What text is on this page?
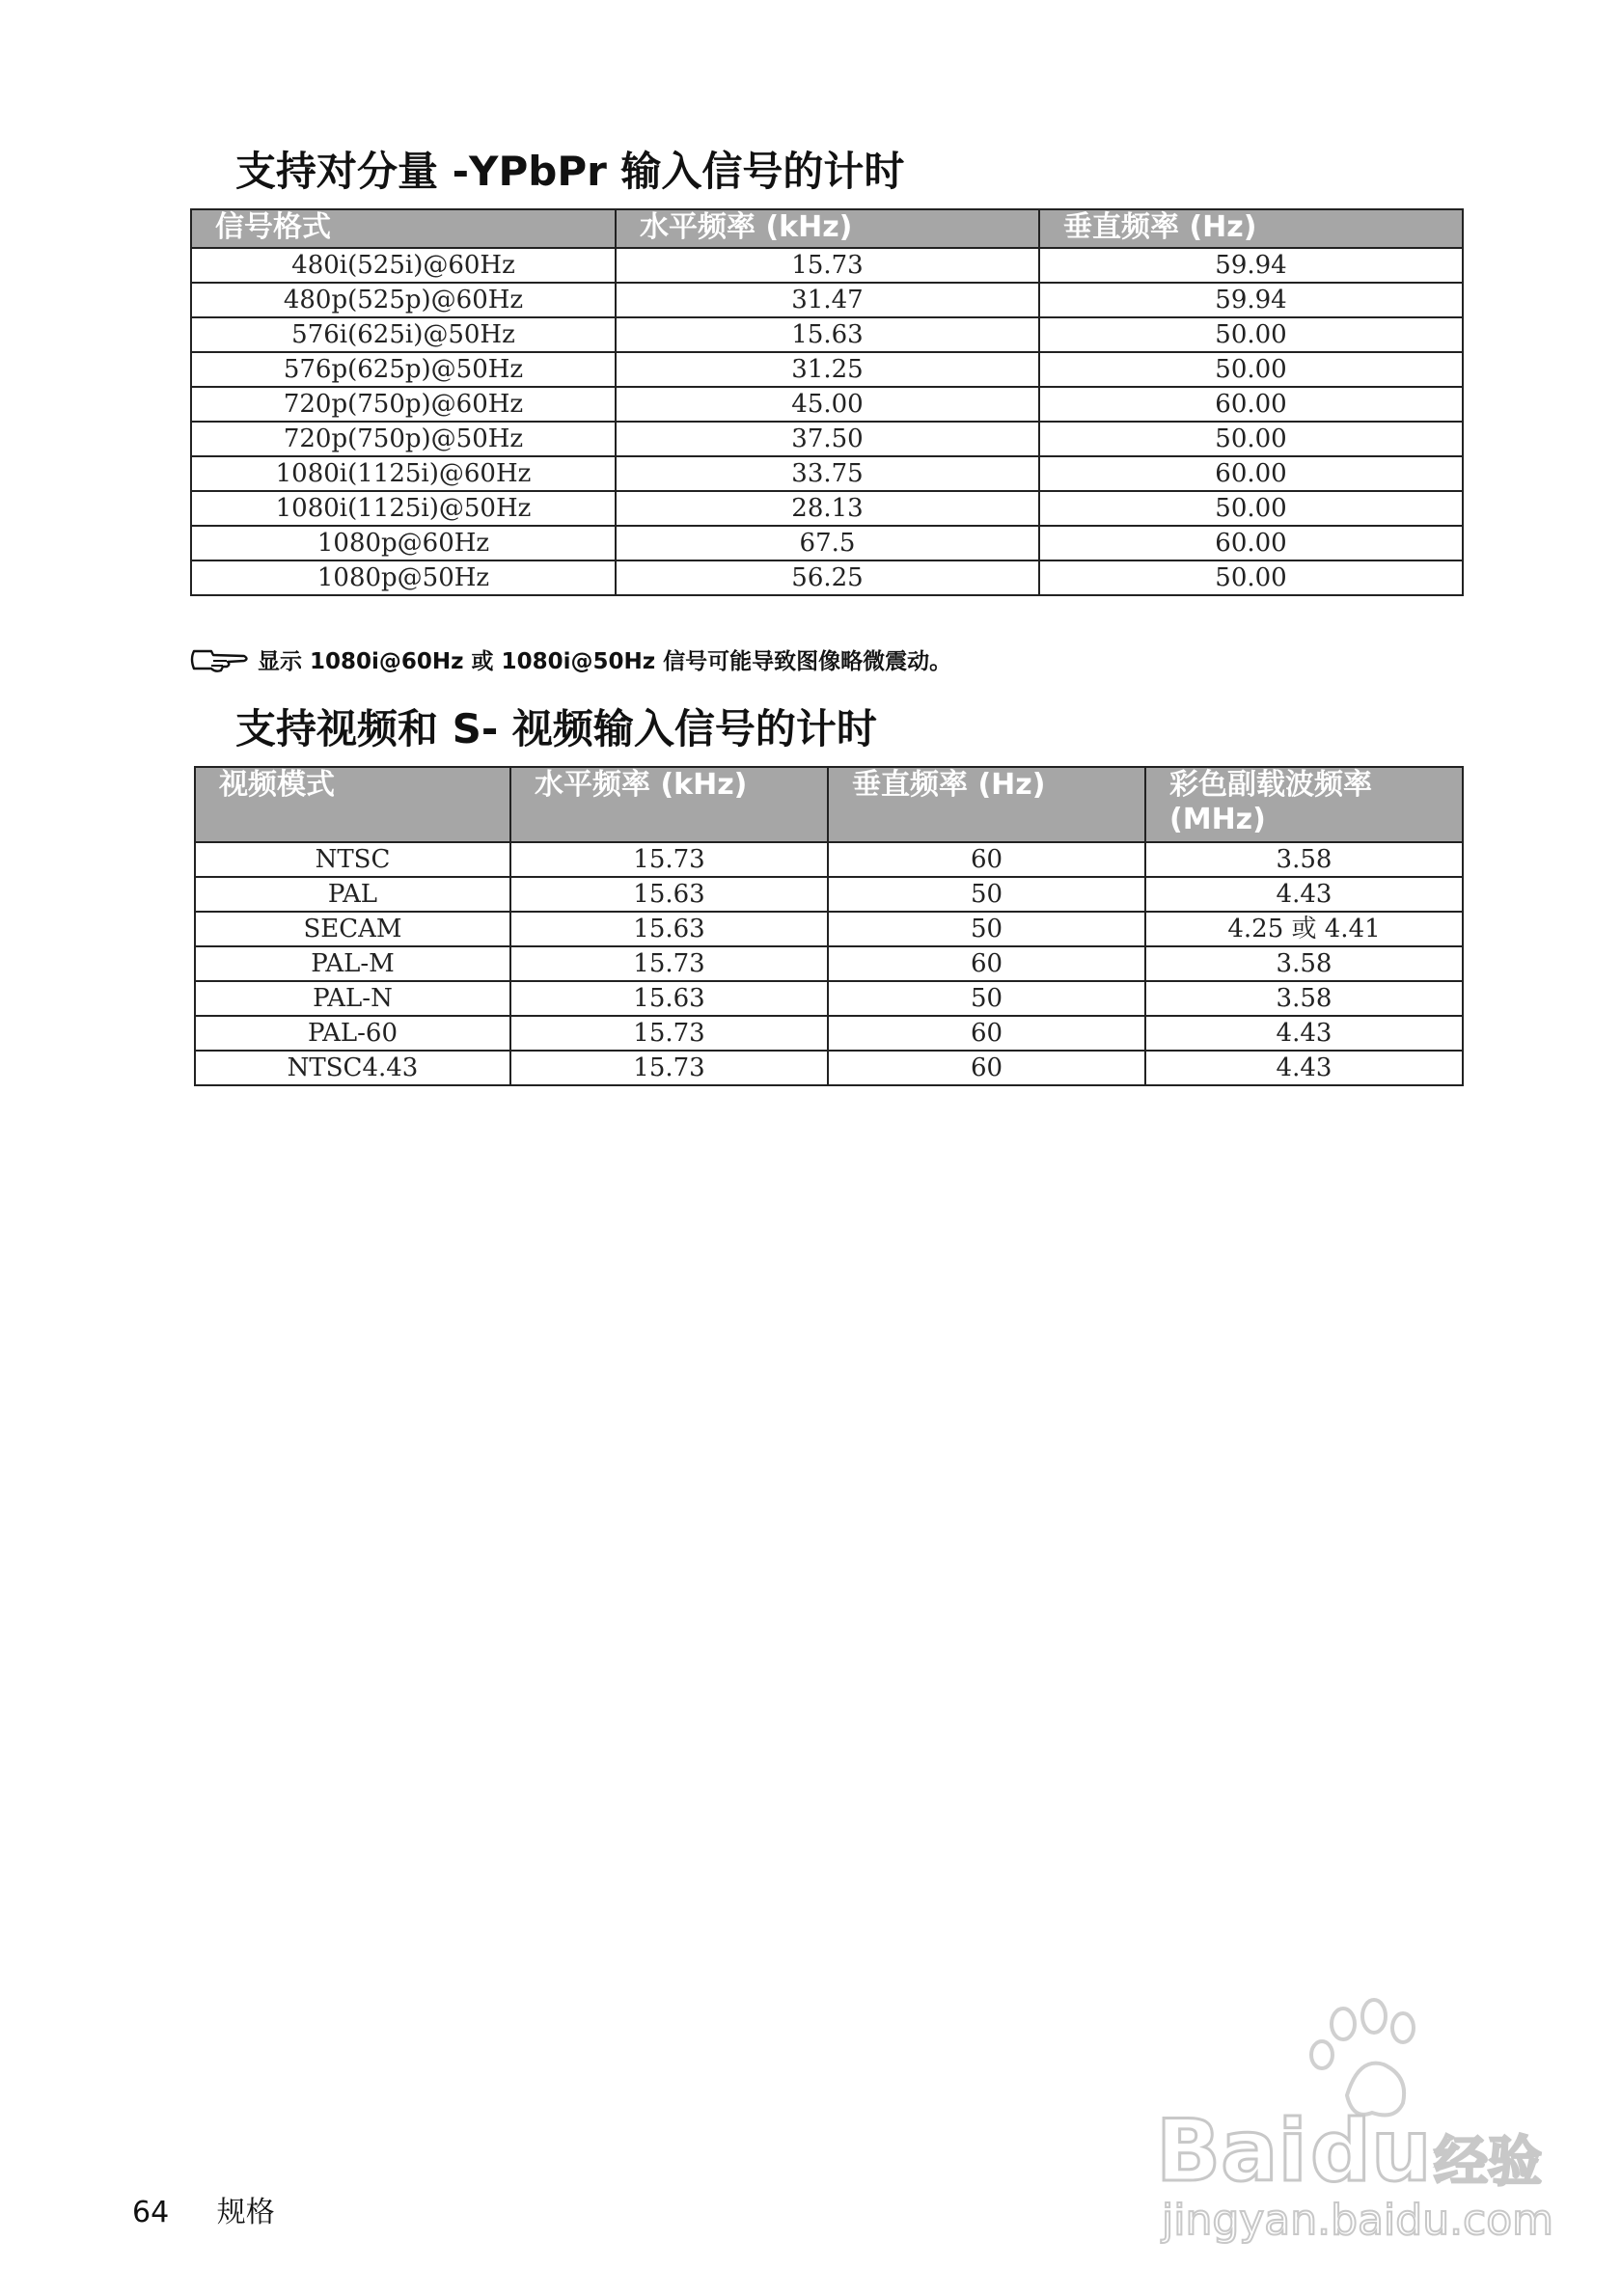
支持对分量 -YPbPr 输入信号的计时
信号格式	水平频率 (kHz)	垂直频率 (Hz)
480i(525i)@60Hz	15.73	59.94
480p(525p)@60Hz	31.47	59.94
576i(625i)@50Hz	15.63	50.00
576p(625p)@50Hz	31.25	50.00
720p(750p)@60Hz	45.00	60.00
720p(750p)@50Hz	37.50	50.00
1080i(1125i)@60Hz	33.75	60.00
1080i(1125i)@50Hz	28.13	50.00
1080p@60Hz	67.5	60.00
1080p@50Hz	56.25	50.00
显示 1080i@60Hz 或 1080i@50Hz 信号可能导致图像略微震动。
支持视频和 S- 视频输入信号的计时
视频模式	水平频率 (kHz)	垂直频率 (Hz)	彩色副载波频率 (MHz)
NTSC	15.73	60	3.58
PAL	15.63	50	4.43
SECAM	15.63	50	4.25 或 4.41
PAL-M	15.73	60	3.58
PAL-N	15.63	50	3.58
PAL-60	15.73	60	4.43
NTSC4.43	15.73	60	4.43
64 规格
Bai du 经验
jingyan.baidu.com
